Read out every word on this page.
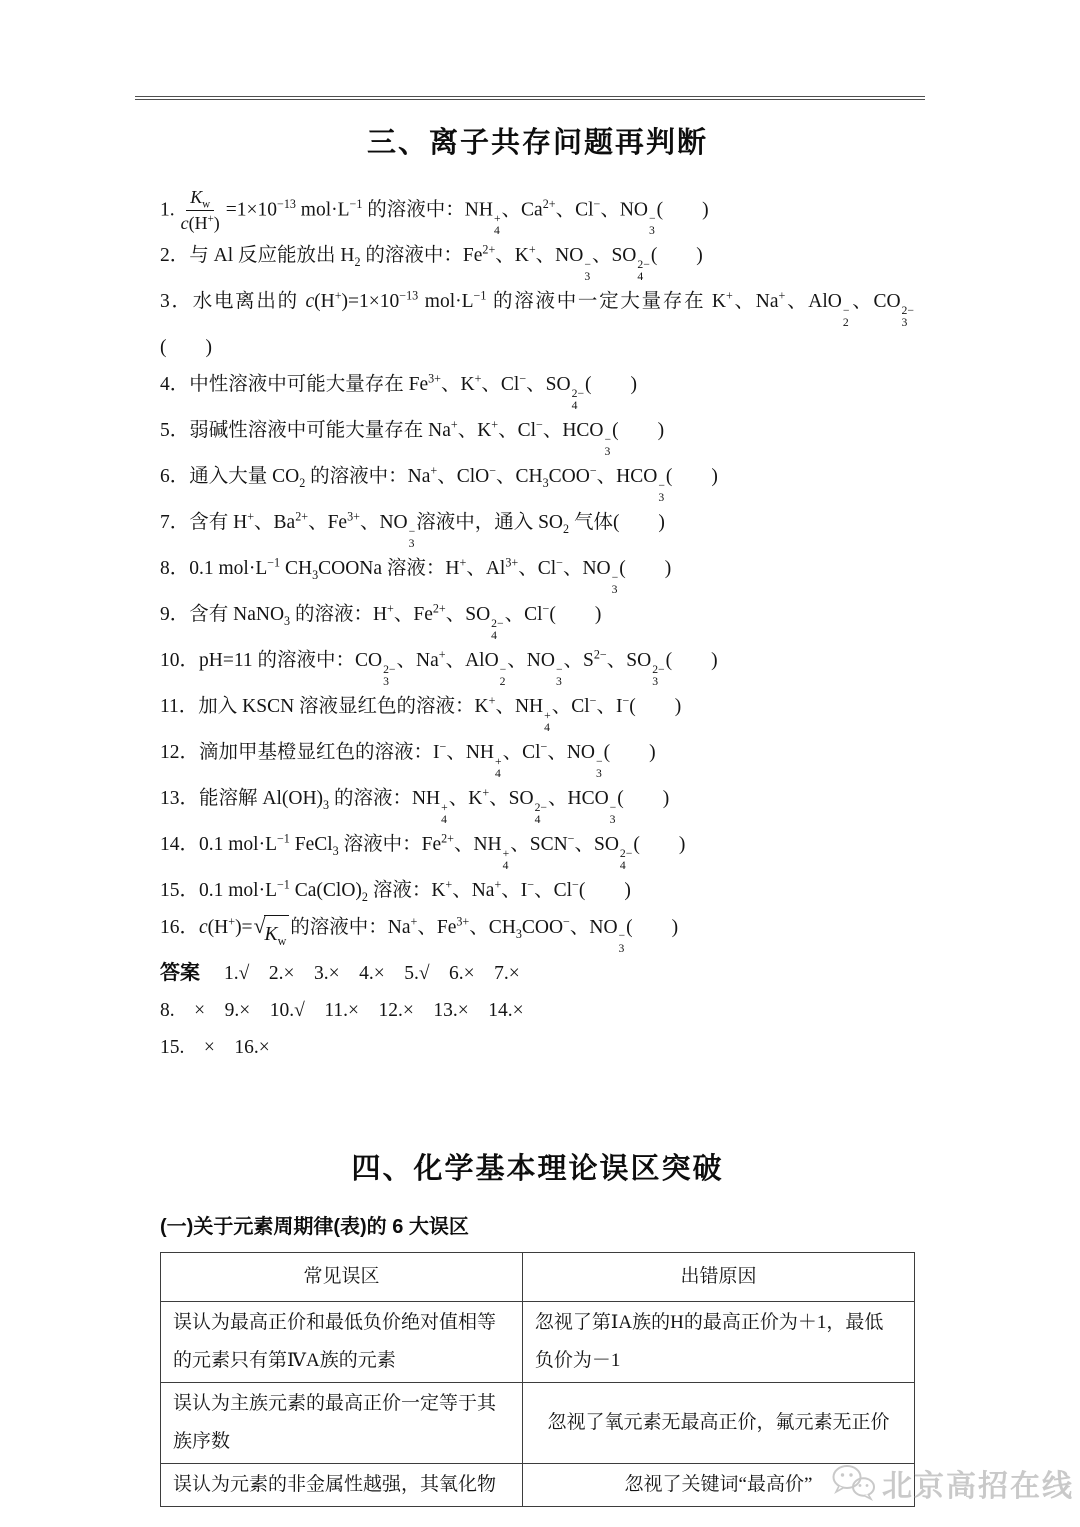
三、离子共存问题再判断
1. $\frac{K_w}{c(H^+)} =1\times 10^{-13}$ $mol\cdot L^{-1}$ 的溶液中：NH +
4
、$Ca^{2+}$、Cl−、NO −
3
(　　)
2．与 Al 反应能放出 $H_2$ 的溶液中：$Fe^{2+}$、K+、NO −
3
、SO 2−
4
(　　)
3．水电离出的 $c(H^+)=1\times 10^{-13}$ $mol\cdot L^{-1}$ 的溶液中一定大量存在 K+、Na+、AlO −
2
、CO 2−
3
(　　)
4．中性溶液中可能大量存在 $Fe^{3+}$、K+、Cl−、SO 2−
4
(　　)
5．弱碱性溶液中可能大量存在 Na+、K+、Cl−、HCO −
3
(　　)
6．通入大量 $CO_2$ 的溶液中：Na+、ClO−、$CH_3COO^-$、HCO −
3
(　　)
7．含有 H+、$Ba^{2+}$、$Fe^{3+}$、NO −
3
溶液中，通入 $SO_2$ 气体(　　)
8．0.1 $mol\cdot L^{-1}$ $CH_3COONa$ 溶液：H+、$Al^{3+}$、Cl−、NO −
3
(　　)
9．含有 NaNO$_3$ 的溶液：H+、$Fe^{2+}$、SO 2−
4
、Cl−(　　)
10．pH=11 的溶液中：CO 2−
3
、Na+、AlO −
2
、NO −
3
、$S^{2-}$、SO 2−
3
(　　)
11．加入 KSCN 溶液显红色的溶液：K+、NH +
4
、Cl−、I−(　　)
12．滴加甲基橙显红色的溶液：I−、NH +
4
、Cl−、NO −
3
(　　)
13．能溶解 $Al(OH)_3$ 的溶液：NH +
4
、K+、SO 2−
4
、HCO −
3
(　　)
14．0.1 $mol\cdot L^{-1}$ FeCl$_3$ 溶液中：$Fe^{2+}$、NH +
4
、SCN−、SO 2−
4
(　　)
15．0.1 $mol\cdot L^{-1}$ $Ca(ClO)_2$ 溶液：K+、Na+、I−、Cl−(　　)
16．c(H+)= √ $K_w$
的溶液中：Na+、$Fe^{3+}$、$CH_3COO^-$、NO −
3
(　　)
答案 1.√　2.×　3.×　4.×　5.√　6.×　7.×
8.　×　9.×　10.√　11.×　12.×　13.×　14.×
15.　×　16.×
四、化学基本理论误区突破
(一)关于元素周期律(表)的 6 大误区
常见误区	出错原因
误认为最高正价和最低负价绝对值相等的元素只有第ⅣA族的元素	忽视了第ⅠA族的H的最高正价为＋1，最低负价为－1
误认为主族元素的最高正价一定等于其族序数	忽视了氧元素无最高正价，氟元素无正价
误认为元素的非金属性越强，其氧化物	忽视了关键词“最高价” 北京高招在线
